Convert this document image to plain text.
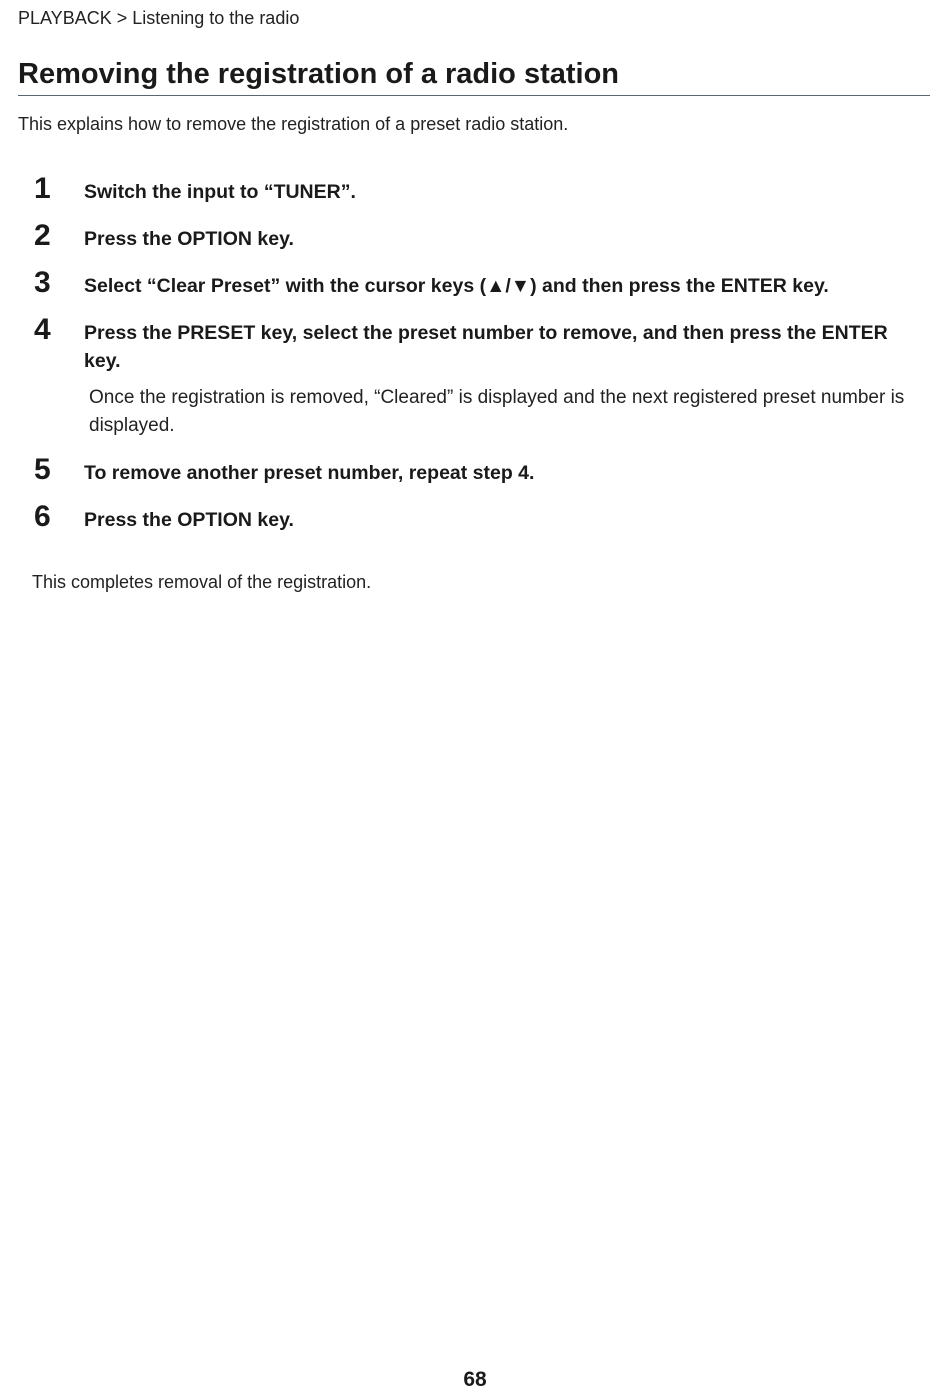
PLAYBACK > Listening to the radio
Removing the registration of a radio station
This explains how to remove the registration of a preset radio station.
1 Switch the input to “TUNER”.
2 Press the OPTION key.
3 Select “Clear Preset” with the cursor keys (▲/▼) and then press the ENTER key.
4 Press the PRESET key, select the preset number to remove, and then press the ENTER key.
Once the registration is removed, “Cleared” is displayed and the next registered preset number is displayed.
5 To remove another preset number, repeat step 4.
6 Press the OPTION key.
This completes removal of the registration.
68
